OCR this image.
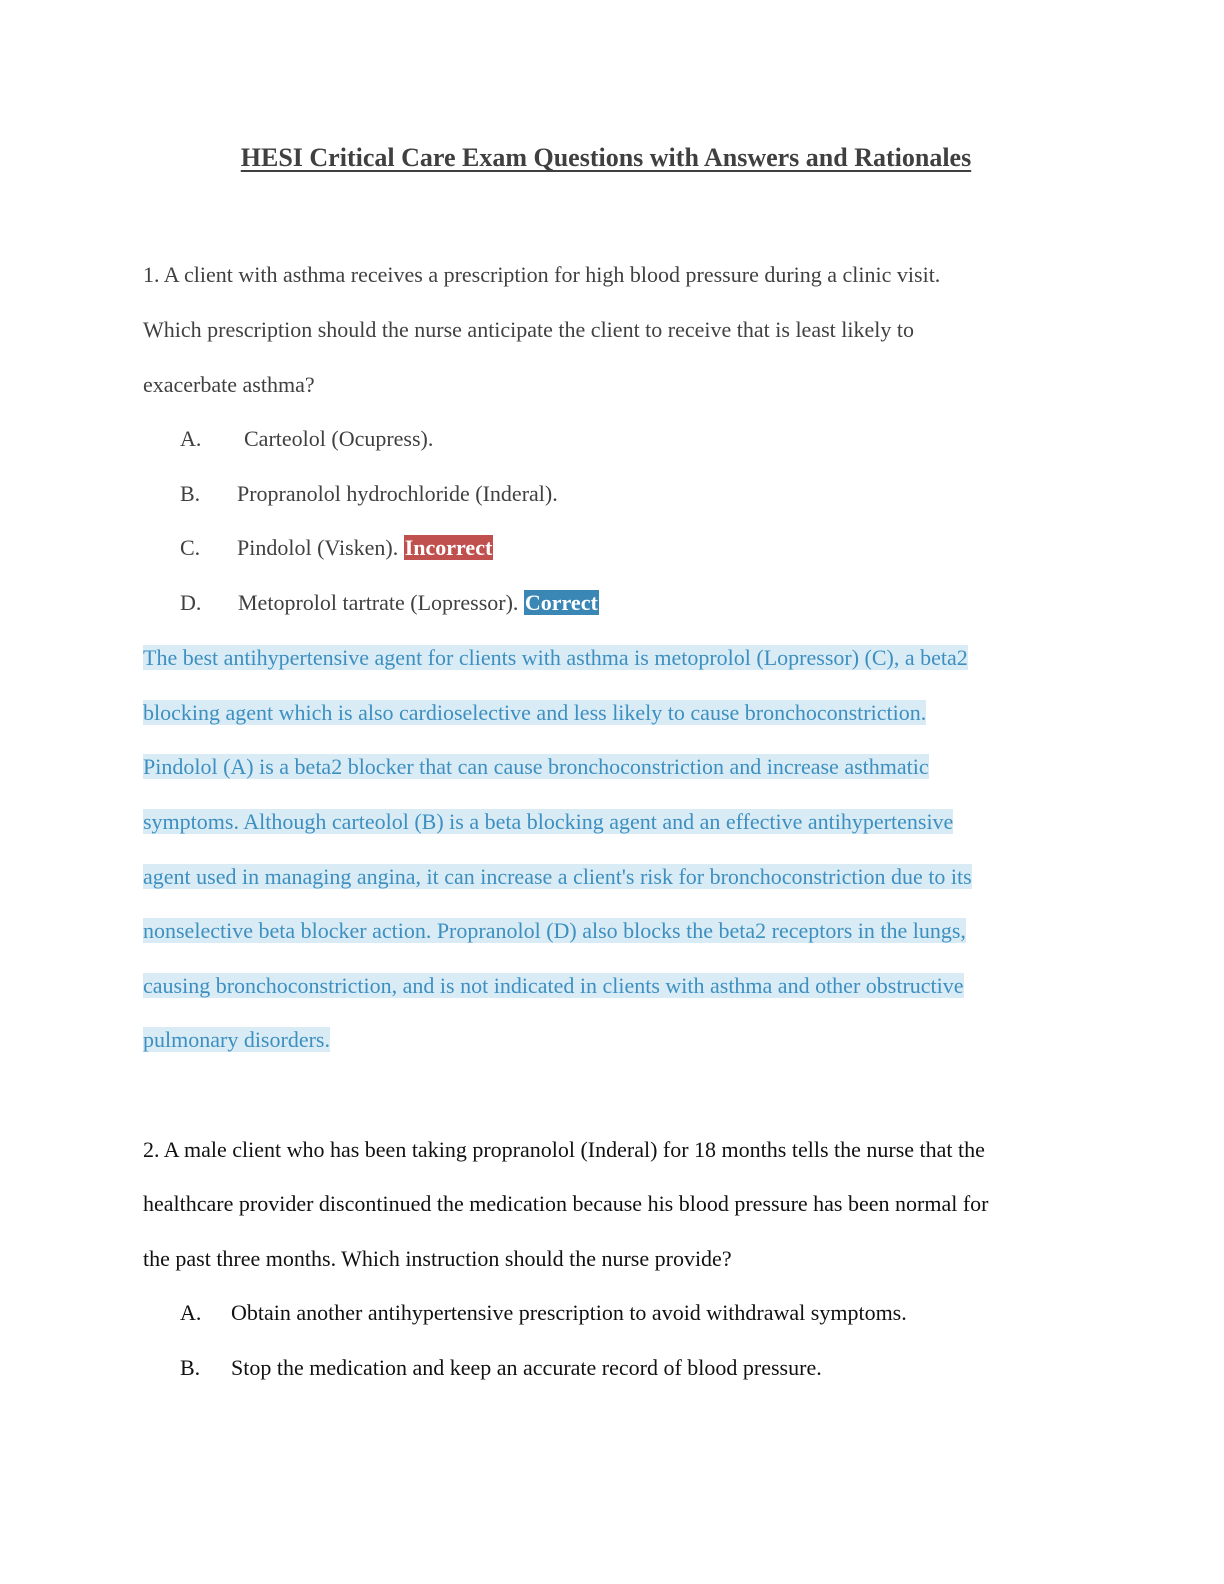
HESI Critical Care Exam Questions with Answers and Rationales

1. A client with asthma receives a prescription for high blood pressure during a clinic visit.

Which prescription should the nurse anticipate the client to receive that is least likely to

exacerbate asthma?

A. Carteolol (Ocupress).
B. Propranolol hydrochloride (Inderal).
C. Pindolol (Visken). Incorrect
D. Metoprolol tartrate (Lopressor). Correct
The best antihypertensive agent for clients with asthma is metoprolol (Lopressor) (C), a beta2
blocking agent which is also cardioselective and less likely to cause bronchoconstriction.
Pindolol (A) is a beta2 blocker that can cause bronchoconstriction and increase asthmatic
symptoms. Although carteolol (B) is a beta blocking agent and an effective antihypertensive
agent used in managing angina, it can increase a client's risk for bronchoconstriction due to its
nonselective beta blocker action. Propranolol (D) also blocks the beta2 receptors in the lungs,
causing bronchoconstriction, and is not indicated in clients with asthma and other obstructive
pulmonary disorders.

2. A male client who has been taking propranolol (Inderal) for 18 months tells the nurse that the

healthcare provider discontinued the medication because his blood pressure has been normal for

the past three months. Which instruction should the nurse provide?

A. Obtain another antihypertensive prescription to avoid withdrawal symptoms.
B. Stop the medication and keep an accurate record of blood pressure.
